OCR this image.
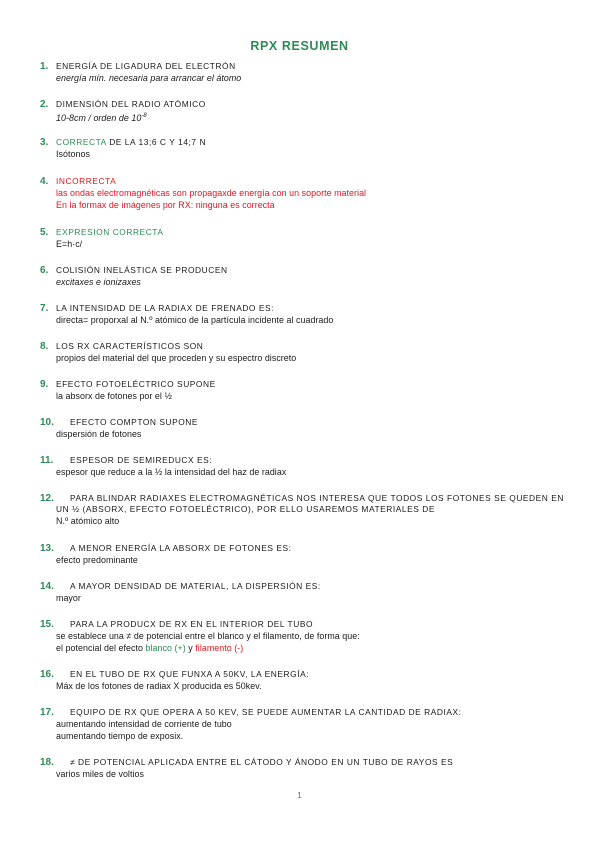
RPX RESUMEN
1. ENERGÍA DE LIGADURA DEL ELECTRÓN
energía mín. necesaria para arrancar el átomo
2. DIMENSIÓN DEL RADIO ATÓMICO
10-8cm / orden de $10^{-8}$
3. CORRECTA DE LA 13;6 C Y 14;7 N
Isótonos
4. INCORRECTA
las ondas electromagnéticas son propagaxde energía con un soporte material
En la formax de imágenes por RX: ninguna es correcta
5. EXPRESION CORRECTA
E=h·c/
6. COLISIÓN INELÁSTICA SE PRODUCEN
excitaxes e ionizaxes
7. LA INTENSIDAD DE LA RADIAX DE FRENADO ES:
directa= proporxal al N.º atómico de la partícula incidente al cuadrado
8. LOS RX CARACTERÍSTICOS SON
propios del material del que proceden y su espectro discreto
9. EFECTO FOTOELÉCTRICO SUPONE
la absorx de fotones por el ½
10.	EFECTO COMPTON SUPONE
dispersión de fotones
11.	ESPESOR DE SEMIREDUCX ES:
espesor que reduce a la ½ la intensidad del haz de radiax
12.	PARA BLINDAR RADIAXES ELECTROMAGNÉTICAS NOS INTERESA QUE TODOS LOS FOTONES SE QUEDEN EN
UN ½ (ABSORX, EFECTO FOTOELÉCTRICO), POR ELLO USAREMOS MATERIALES DE
N.º atómico alto
13.	A MENOR ENERGÍA LA ABSORX DE FOTONES ES:
efecto predominante
14.	A MAYOR DENSIDAD DE MATERIAL, LA DISPERSIÓN ES:
mayor
15.	PARA LA PRODUCX DE RX EN EL INTERIOR DEL TUBO
se establece una ≠ de potencial entre el blanco y el filamento, de forma que:
el potencial del efecto blanco (+) y filamento (-)
16.	EN EL TUBO DE RX QUE FUNXA A 50KV, LA ENERGÍA:
Máx de los fotones de radiax X producida es 50kev.
17.	EQUIPO DE RX QUE OPERA A 50 KEV, SE PUEDE AUMENTAR LA CANTIDAD DE RADIAX:
aumentando intensidad de corriente de tubo
aumentando tiempo de exposix.
18.	≠ DE POTENCIAL APLICADA ENTRE EL CÁTODO Y ÁNODO EN UN TUBO DE RAYOS ES
varios miles de voltios
1
